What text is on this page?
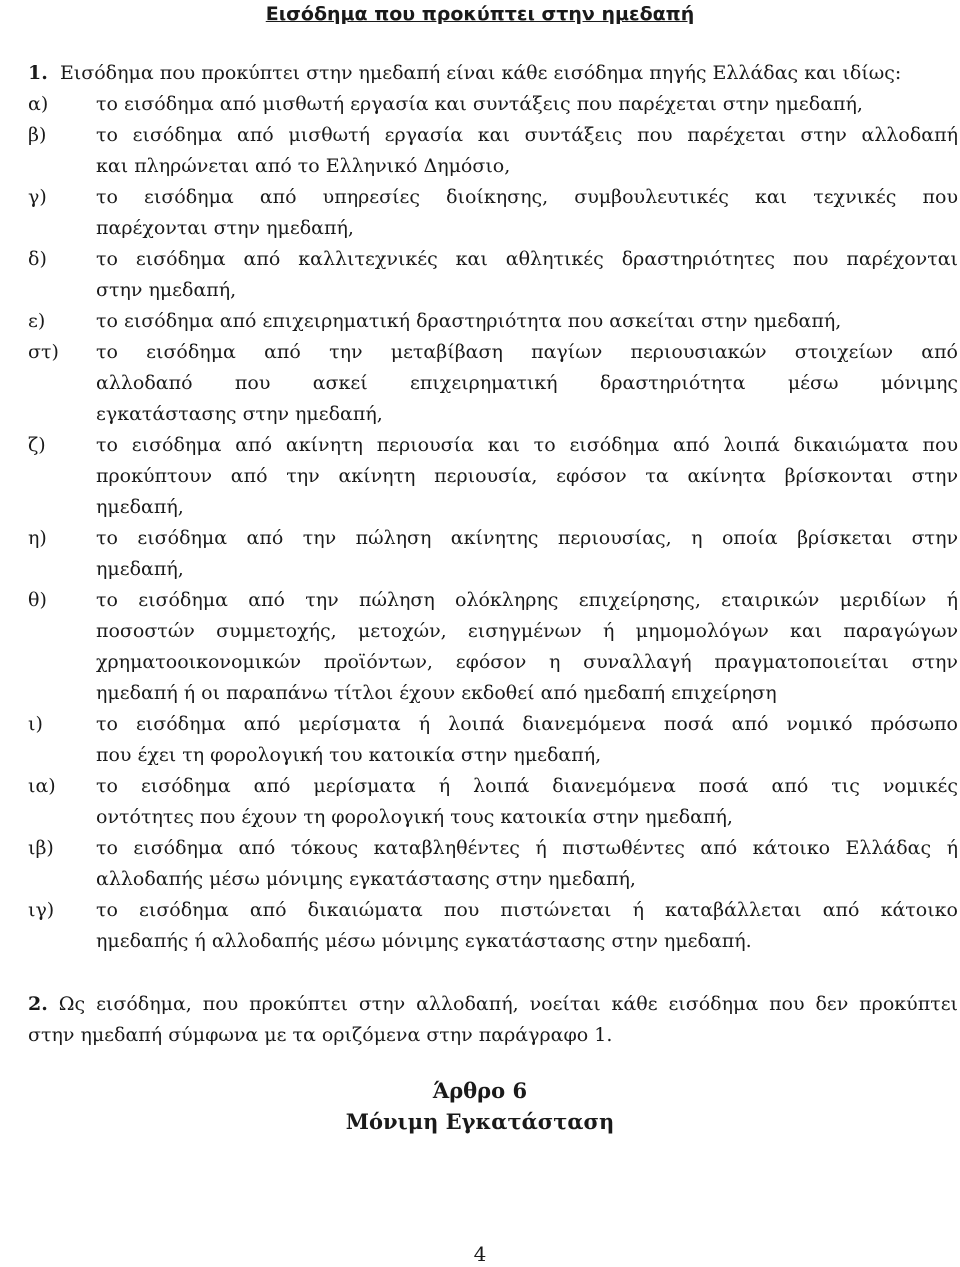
Εισόδημα που προκύπτει στην ημεδαπή
1. Εισόδημα που προκύπτει στην ημεδαπή είναι κάθε εισόδημα πηγής Ελλάδας και ιδίως:
α)	το εισόδημα από μισθωτή εργασία και συντάξεις που παρέχεται στην ημεδαπή,
β)	το εισόδημα από μισθωτή εργασία και συντάξεις που παρέχεται στην αλλοδαπή
και πληρώνεται από το Ελληνικό Δημόσιο,
γ)	το εισόδημα από υπηρεσίες διοίκησης, συμβουλευτικές και τεχνικές που
παρέχονται στην ημεδαπή,
δ)	το εισόδημα από καλλιτεχνικές και αθλητικές δραστηριότητες που παρέχονται
στην ημεδαπή,
ε)	το εισόδημα από επιχειρηματική δραστηριότητα που ασκείται στην ημεδαπή,
στ) το εισόδημα από την μεταβίβαση παγίων περιουσιακών στοιχείων από
αλλοδαπό που ασκεί επιχειρηματική δραστηριότητα μέσω μόνιμης
εγκατάστασης στην ημεδαπή,
ζ)	το εισόδημα από ακίνητη περιουσία και το εισόδημα από λοιπά δικαιώματα που
προκύπτουν από την ακίνητη περιουσία, εφόσον τα ακίνητα βρίσκονται στην
ημεδαπή,
η)	το εισόδημα από την πώληση ακίνητης περιουσίας, η οποία βρίσκεται στην
ημεδαπή,
θ)	το εισόδημα από την πώληση ολόκληρης επιχείρησης, εταιρικών μεριδίων ή
ποσοστών συμμετοχής, μετοχών, εισηγμένων ή μημομολόγων και παραγώγων
χρηματοοικονομικών προϊόντων, εφόσον η συναλλαγή πραγματοποιείται στην
ημεδαπή ή οι παραπάνω τίτλοι έχουν εκδοθεί από ημεδαπή επιχείρηση
ι)	το εισόδημα από μερίσματα ή λοιπά διανεμόμενα ποσά από νομικό πρόσωπο
που έχει τη φορολογική του κατοικία στην ημεδαπή,
ια) το εισόδημα από μερίσματα ή λοιπά διανεμόμενα ποσά από τις νομικές
οντότητες που έχουν τη φορολογική τους κατοικία στην ημεδαπή,
ιβ) το εισόδημα από τόκους καταβληθέντες ή πιστωθέντες από κάτοικο Ελλάδας ή
αλλοδαπής μέσω μόνιμης εγκατάστασης στην ημεδαπή,
ιγ) το εισόδημα από δικαιώματα που πιστώνεται ή καταβάλλεται από κάτοικο
ημεδαπής ή αλλοδαπής μέσω μόνιμης εγκατάστασης στην ημεδαπή.
2. Ως εισόδημα, που προκύπτει στην αλλοδαπή, νοείται κάθε εισόδημα που δεν προκύπτει
στην ημεδαπή σύμφωνα με τα οριζόμενα στην παράγραφο 1.
Άρθρο 6
Μόνιμη Εγκατάσταση
4
